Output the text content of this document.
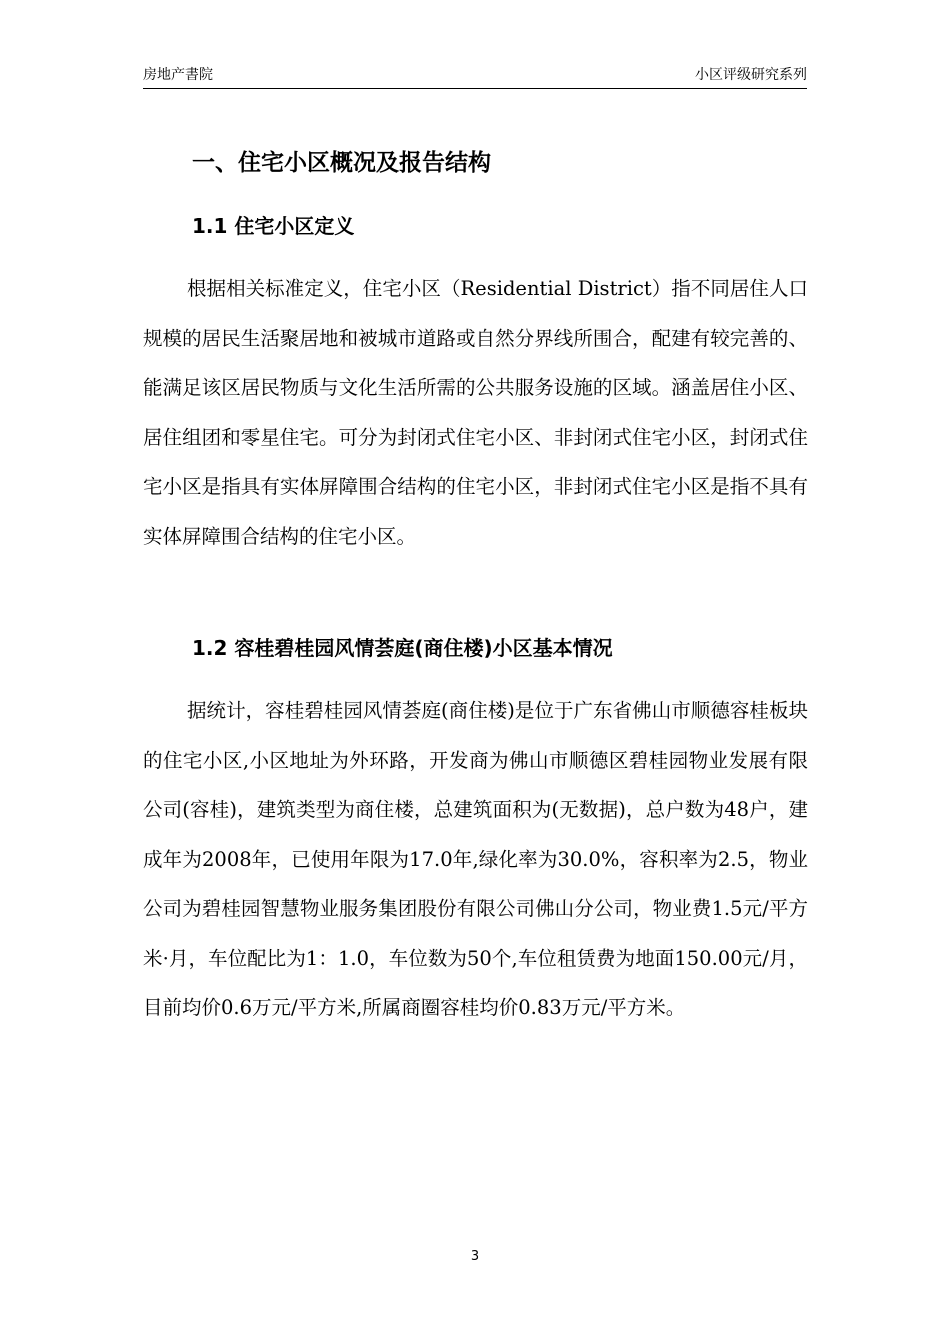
房地产書院	小区评级研究系列
一、住宅小区概况及报告结构
1.1 住宅小区定义

根据相关标准定义，住宅小区（Residential District）指不同居住人口规模的居民生活聚居地和被城市道路或自然分界线所围合，配建有较完善的、能满足该区居民物质与文化生活所需的公共服务设施的区域。涵盖居住小区、居住组团和零星住宅。可分为封闭式住宅小区、非封闭式住宅小区，封闭式住宅小区是指具有实体屏障围合结构的住宅小区，非封闭式住宅小区是指不具有实体屏障围合结构的住宅小区。

1.2 容桂碧桂园风情荟庭(商住楼)小区基本情况

据统计，容桂碧桂园风情荟庭(商住楼)是位于广东省佛山市顺德容桂板块的住宅小区,小区地址为外环路，开发商为佛山市顺德区碧桂园物业发展有限公司(容桂)，建筑类型为商住楼，总建筑面积为(无数据)，总户数为48户，建成年为2008年，已使用年限为17.0年,绿化率为30.0%，容积率为2.5，物业公司为碧桂园智慧物业服务集团股份有限公司佛山分公司，物业费1.5元/平方米·月，车位配比为1：1.0，车位数为50个,车位租赁费为地面150.00元/月，目前均价0.6万元/平方米,所属商圈容桂均价0.83万元/平方米。

3
